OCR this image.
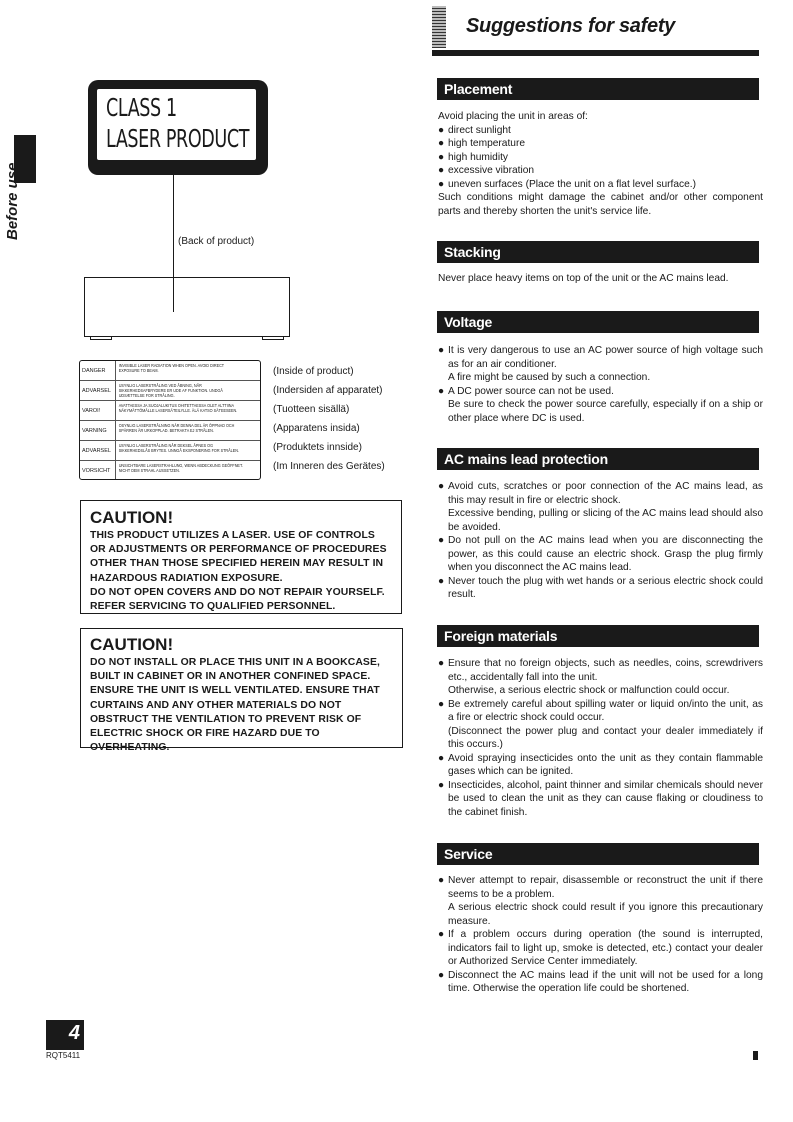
Before use
CLASS 1
LASER PRODUCT
(Back of product)
DANGER
INVISIBLE LASER RADIATION WHEN OPEN. AVOID DIRECT EXPOSURE TO BEAM.
ADVARSEL
USYNLIG LASERSTRÅLING VED ÅBNING, NÅR SIKKERHEDSAFBRYDERE ER UDE AF FUNKTION. UNDGÅ UDSÆTTELSE FOR STRÅLING.
VAROI!
AVATTAESSA JA SUOJALUKITUS OHITETTAESSA OLET ALTTIINA NÄKYMÄTTÖMÄLLE LASERSÄTEILYLLE. ÄLÄ KATSO SÄTEESEEN.
VARNING
OSYNLIG LASERSTRÅLNING NÄR DENNA DEL ÄR ÖPPNAD OCH SPÄRREN ÄR URKOPPLAD. BETRAKTA EJ STRÅLEN.
ADVARSEL
USYNLIG LASERSTRÅLING NÅR DEKSEL ÅPNES OG SIKKERHEDSLÅS BRYTES. UNNGÅ EKSPONERING FOR STRÅLEN.
VORSICHT
UNSICHTBARE LASERSTRAHLUNG, WENN ABDECKUNG GEÖFFNET. NICHT DEM STRAHL AUSSETZEN.
(Inside of product)
(Indersiden af apparatet)
(Tuotteen sisällä)
(Apparatens insida)
(Produktets innside)
(Im Inneren des Gerätes)
CAUTION!
THIS PRODUCT UTILIZES A LASER. USE OF CONTROLS
OR ADJUSTMENTS OR PERFORMANCE OF PROCEDURES
OTHER THAN THOSE SPECIFIED HEREIN MAY RESULT IN
HAZARDOUS RADIATION EXPOSURE.
DO NOT OPEN COVERS AND DO NOT REPAIR YOURSELF.
REFER SERVICING TO QUALIFIED PERSONNEL.
CAUTION!
DO NOT INSTALL OR PLACE THIS UNIT IN A BOOKCASE,
BUILT IN CABINET OR IN ANOTHER CONFINED SPACE.
ENSURE THE UNIT IS WELL VENTILATED. ENSURE THAT
CURTAINS AND ANY OTHER MATERIALS DO NOT
OBSTRUCT THE VENTILATION TO PREVENT RISK OF
ELECTRIC SHOCK OR FIRE HAZARD DUE TO
OVERHEATING.
4
RQT5411
Suggestions for safety
Placement
Avoid placing the unit in areas of:
● direct sunlight
● high temperature
● high humidity
● excessive vibration
● uneven surfaces (Place the unit on a flat level surface.)
Such conditions might damage the cabinet and/or other component parts and thereby shorten the unit's service life.
Stacking
Never place heavy items on top of the unit or the AC mains lead.
Voltage
● It is very dangerous to use an AC power source of high voltage such as for an air conditioner.
A fire might be caused by such a connection.
● A DC power source can not be used.
Be sure to check the power source carefully, especially if on a ship or other place where DC is used.
AC mains lead protection
● Avoid cuts, scratches or poor connection of the AC mains lead, as this may result in fire or electric shock.
Excessive bending, pulling or slicing of the AC mains lead should also be avoided.
● Do not pull on the AC mains lead when you are disconnecting the power, as this could cause an electric shock. Grasp the plug firmly when you disconnect the AC mains lead.
● Never touch the plug with wet hands or a serious electric shock could result.
Foreign materials
● Ensure that no foreign objects, such as needles, coins, screwdrivers etc., accidentally fall into the unit.
Otherwise, a serious electric shock or malfunction could occur.
● Be extremely careful about spilling water or liquid on/into the unit, as a fire or electric shock could occur.
(Disconnect the power plug and contact your dealer immediately if this occurs.)
● Avoid spraying insecticides onto the unit as they contain flammable gases which can be ignited.
● Insecticides, alcohol, paint thinner and similar chemicals should never be used to clean the unit as they can cause flaking or cloudiness to the cabinet finish.
Service
● Never attempt to repair, disassemble or reconstruct the unit if there seems to be a problem.
A serious electric shock could result if you ignore this precautionary measure.
● If a problem occurs during operation (the sound is interrupted, indicators fail to light up, smoke is detected, etc.) contact your dealer or Authorized Service Center immediately.
● Disconnect the AC mains lead if the unit will not be used for a long time. Otherwise the operation life could be shortened.
